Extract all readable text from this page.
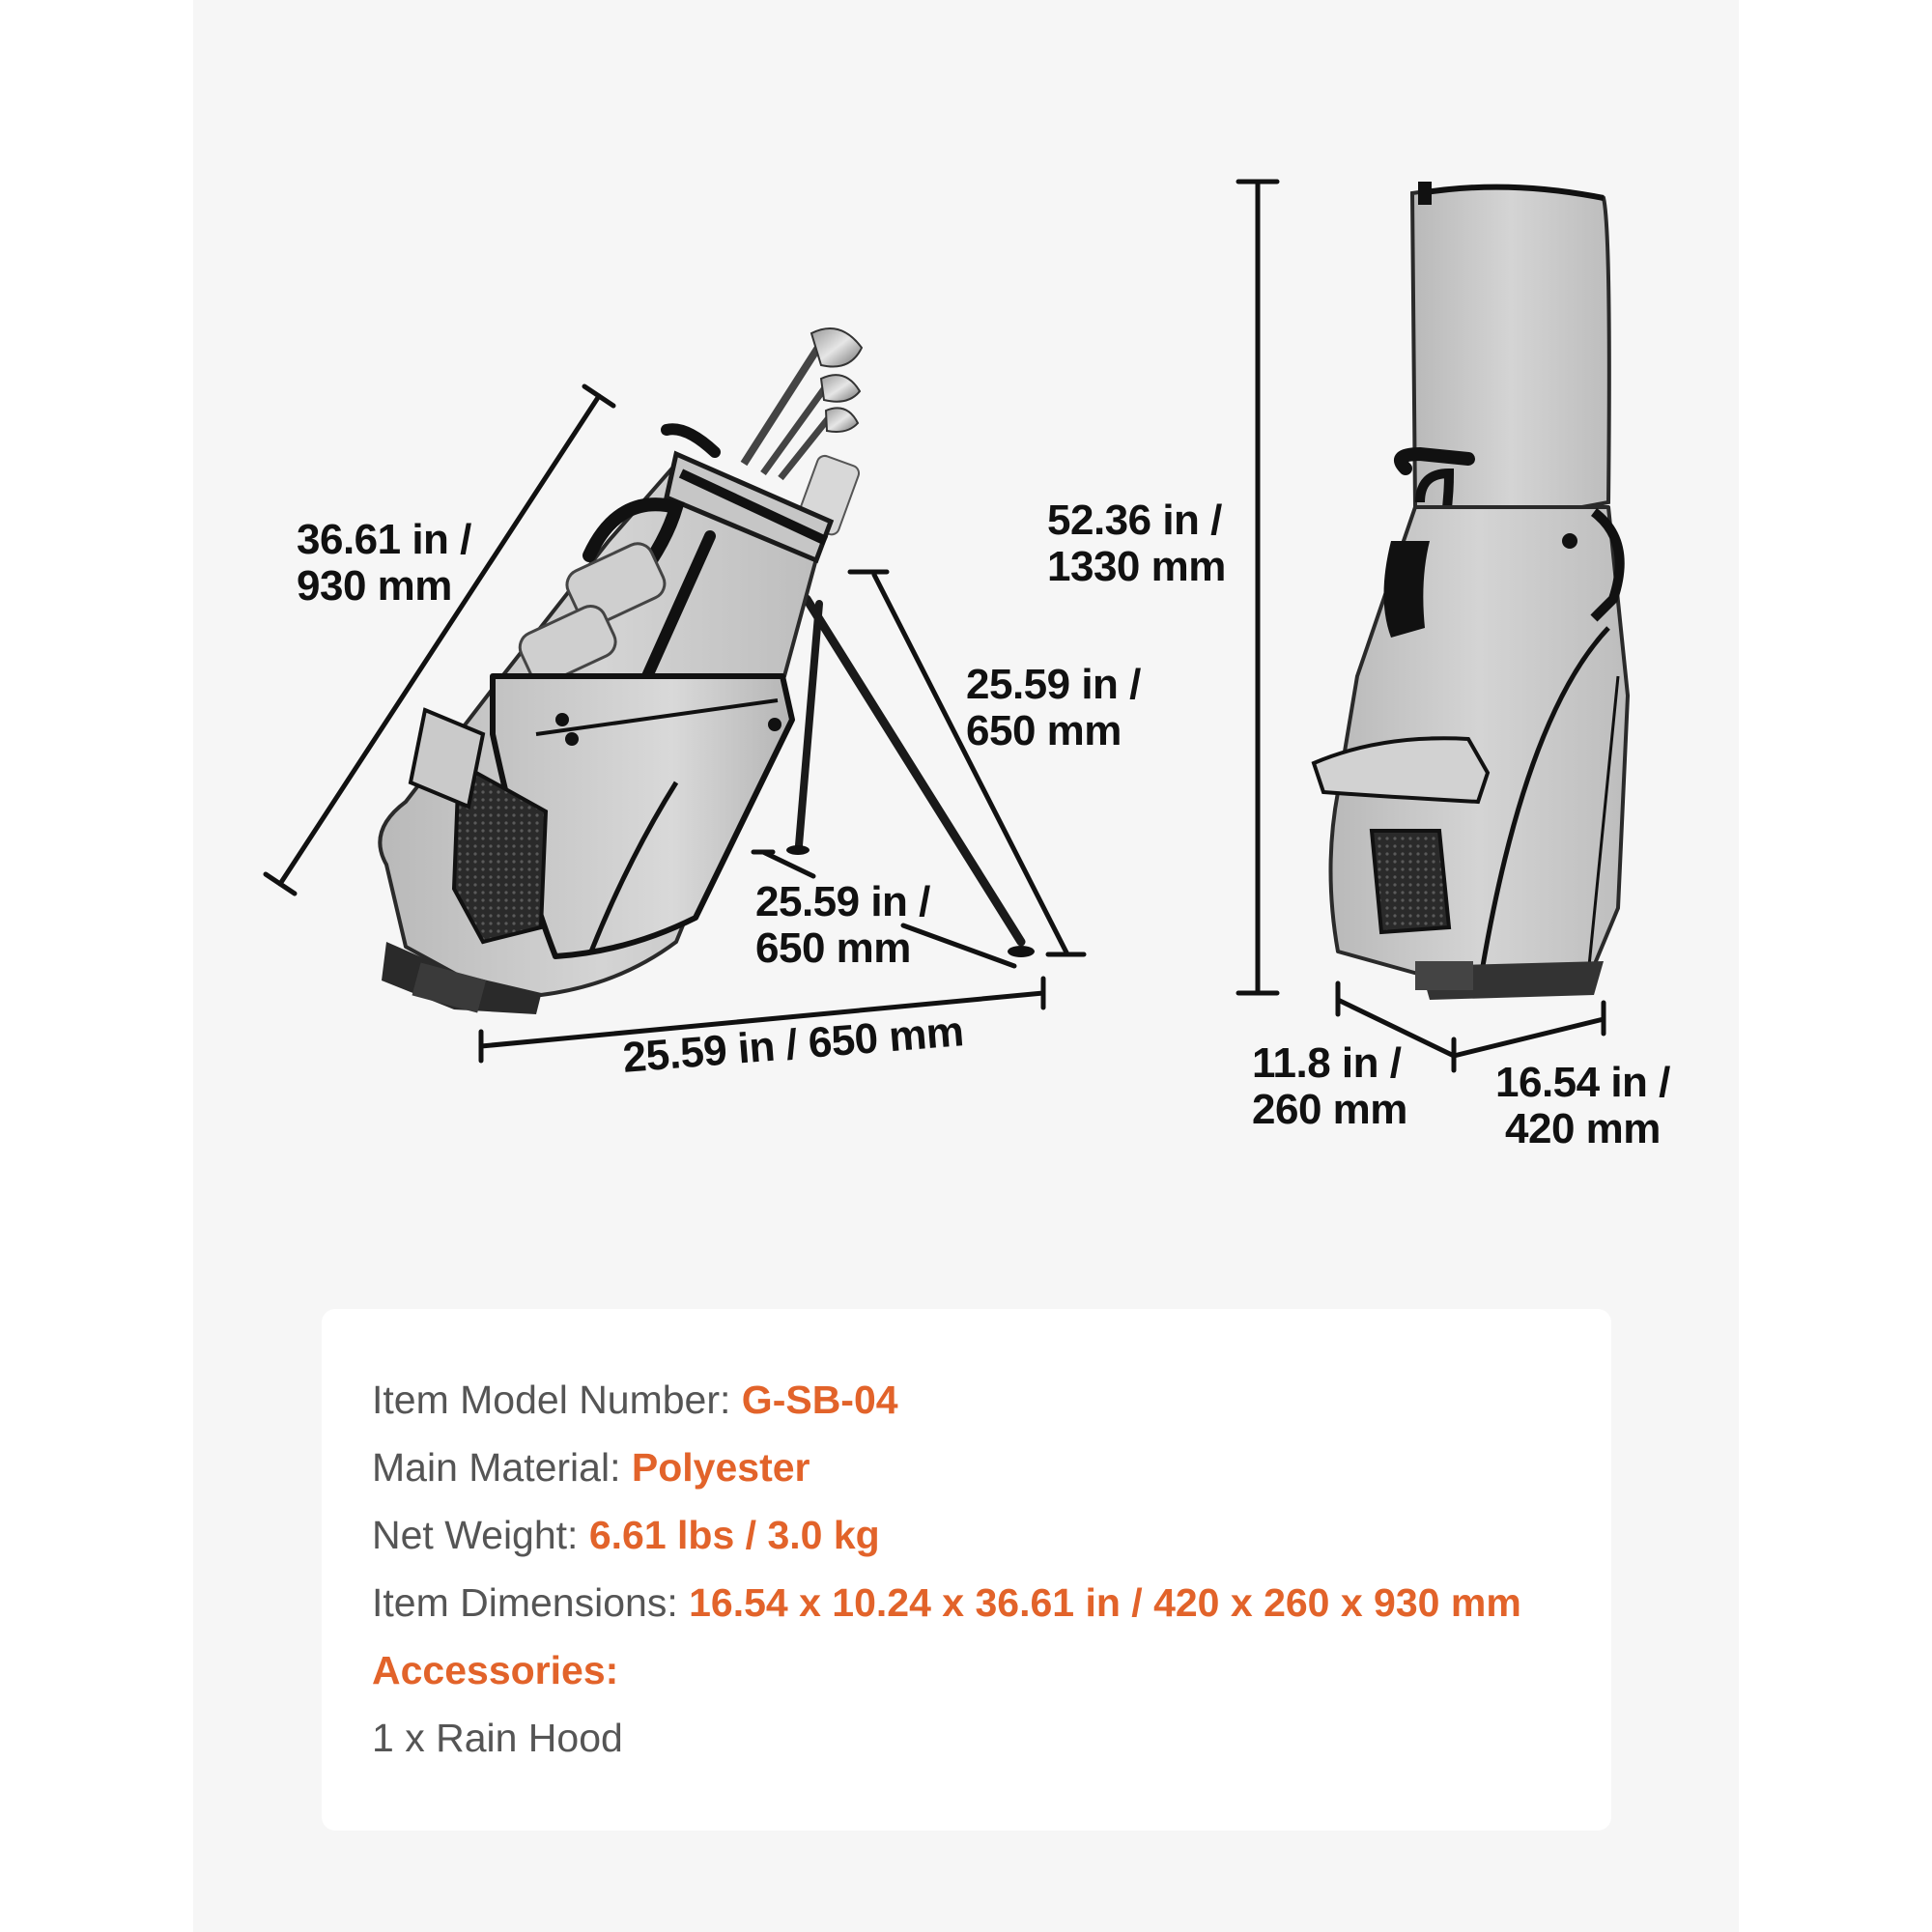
36.61 in /
930 mm
25.59 in /
650 mm
25.59 in /
650 mm
25.59 in / 650 mm
52.36 in /
1330 mm
11.8 in /
260 mm
16.54 in /
420 mm
Item Model Number: G-SB-04
Main Material: Polyester
Net Weight: 6.61 lbs / 3.0 kg
Item Dimensions: 16.54 x 10.24 x 36.61 in / 420 x 260 x 930 mm
Accessories:
1 x Rain Hood
